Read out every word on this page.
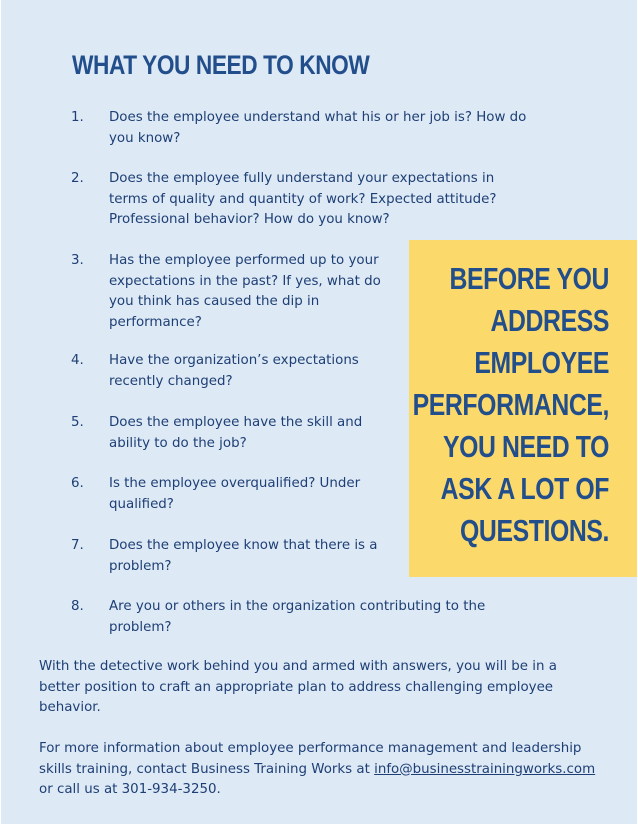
WHAT YOU NEED TO KNOW
1. Does the employee understand what his or her job is? How do
you know?
2. Does the employee fully understand your expectations in
terms of quality and quantity of work? Expected attitude?
Professional behavior? How do you know?
3. Has the employee performed up to your
expectations in the past? If yes, what do
you think has caused the dip in
performance?
4. Have the organization’s expectations
recently changed?
5. Does the employee have the skill and
ability to do the job?
6. Is the employee overqualified? Under
qualified?
7. Does the employee know that there is a
problem?
8. Are you or others in the organization contributing to the
problem?
BEFORE YOU
ADDRESS
EMPLOYEE
PERFORMANCE,
YOU NEED TO
ASK A LOT OF
QUESTIONS.
With the detective work behind you and armed with answers, you will be in a
better position to craft an appropriate plan to address challenging employee
behavior.
For more information about employee performance management and leadership
skills training, contact Business Training Works at info@businesstrainingworks.com
or call us at 301-934-3250.
